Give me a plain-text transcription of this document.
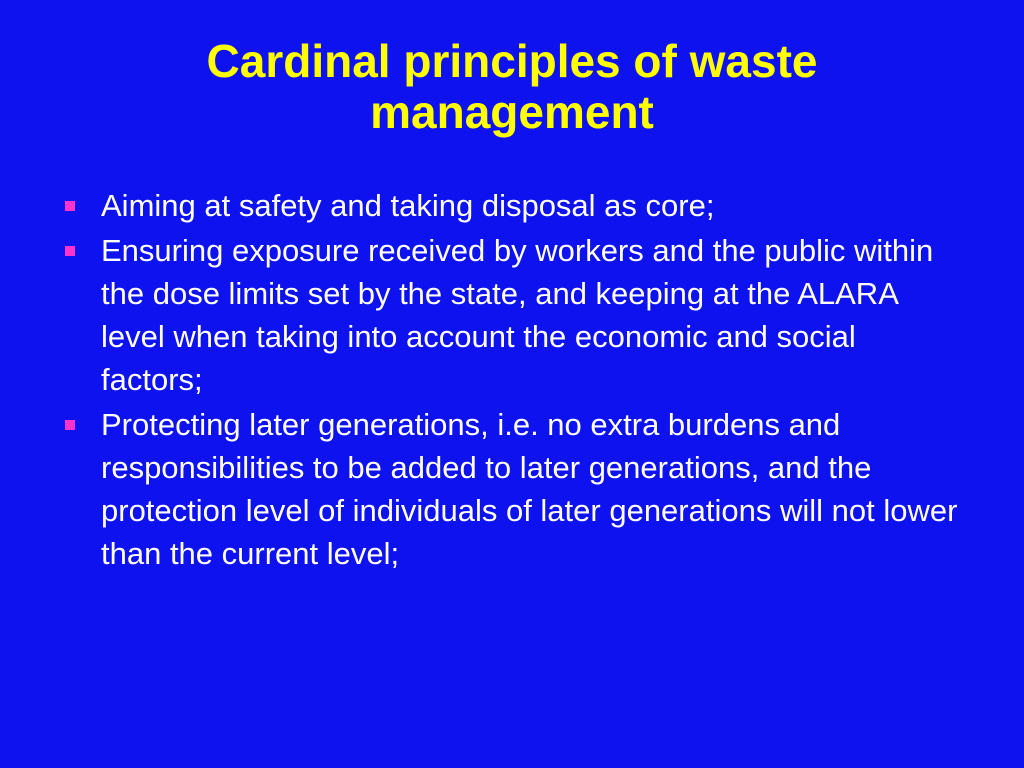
Cardinal principles of waste management
Aiming at safety and taking disposal as core;
Ensuring exposure received by workers and the public within the dose limits set by the state, and keeping at the ALARA level when taking into account the economic and social factors;
Protecting later generations, i.e. no extra burdens and responsibilities to be added to later generations, and the protection level of individuals of later generations will not lower than the current level;
